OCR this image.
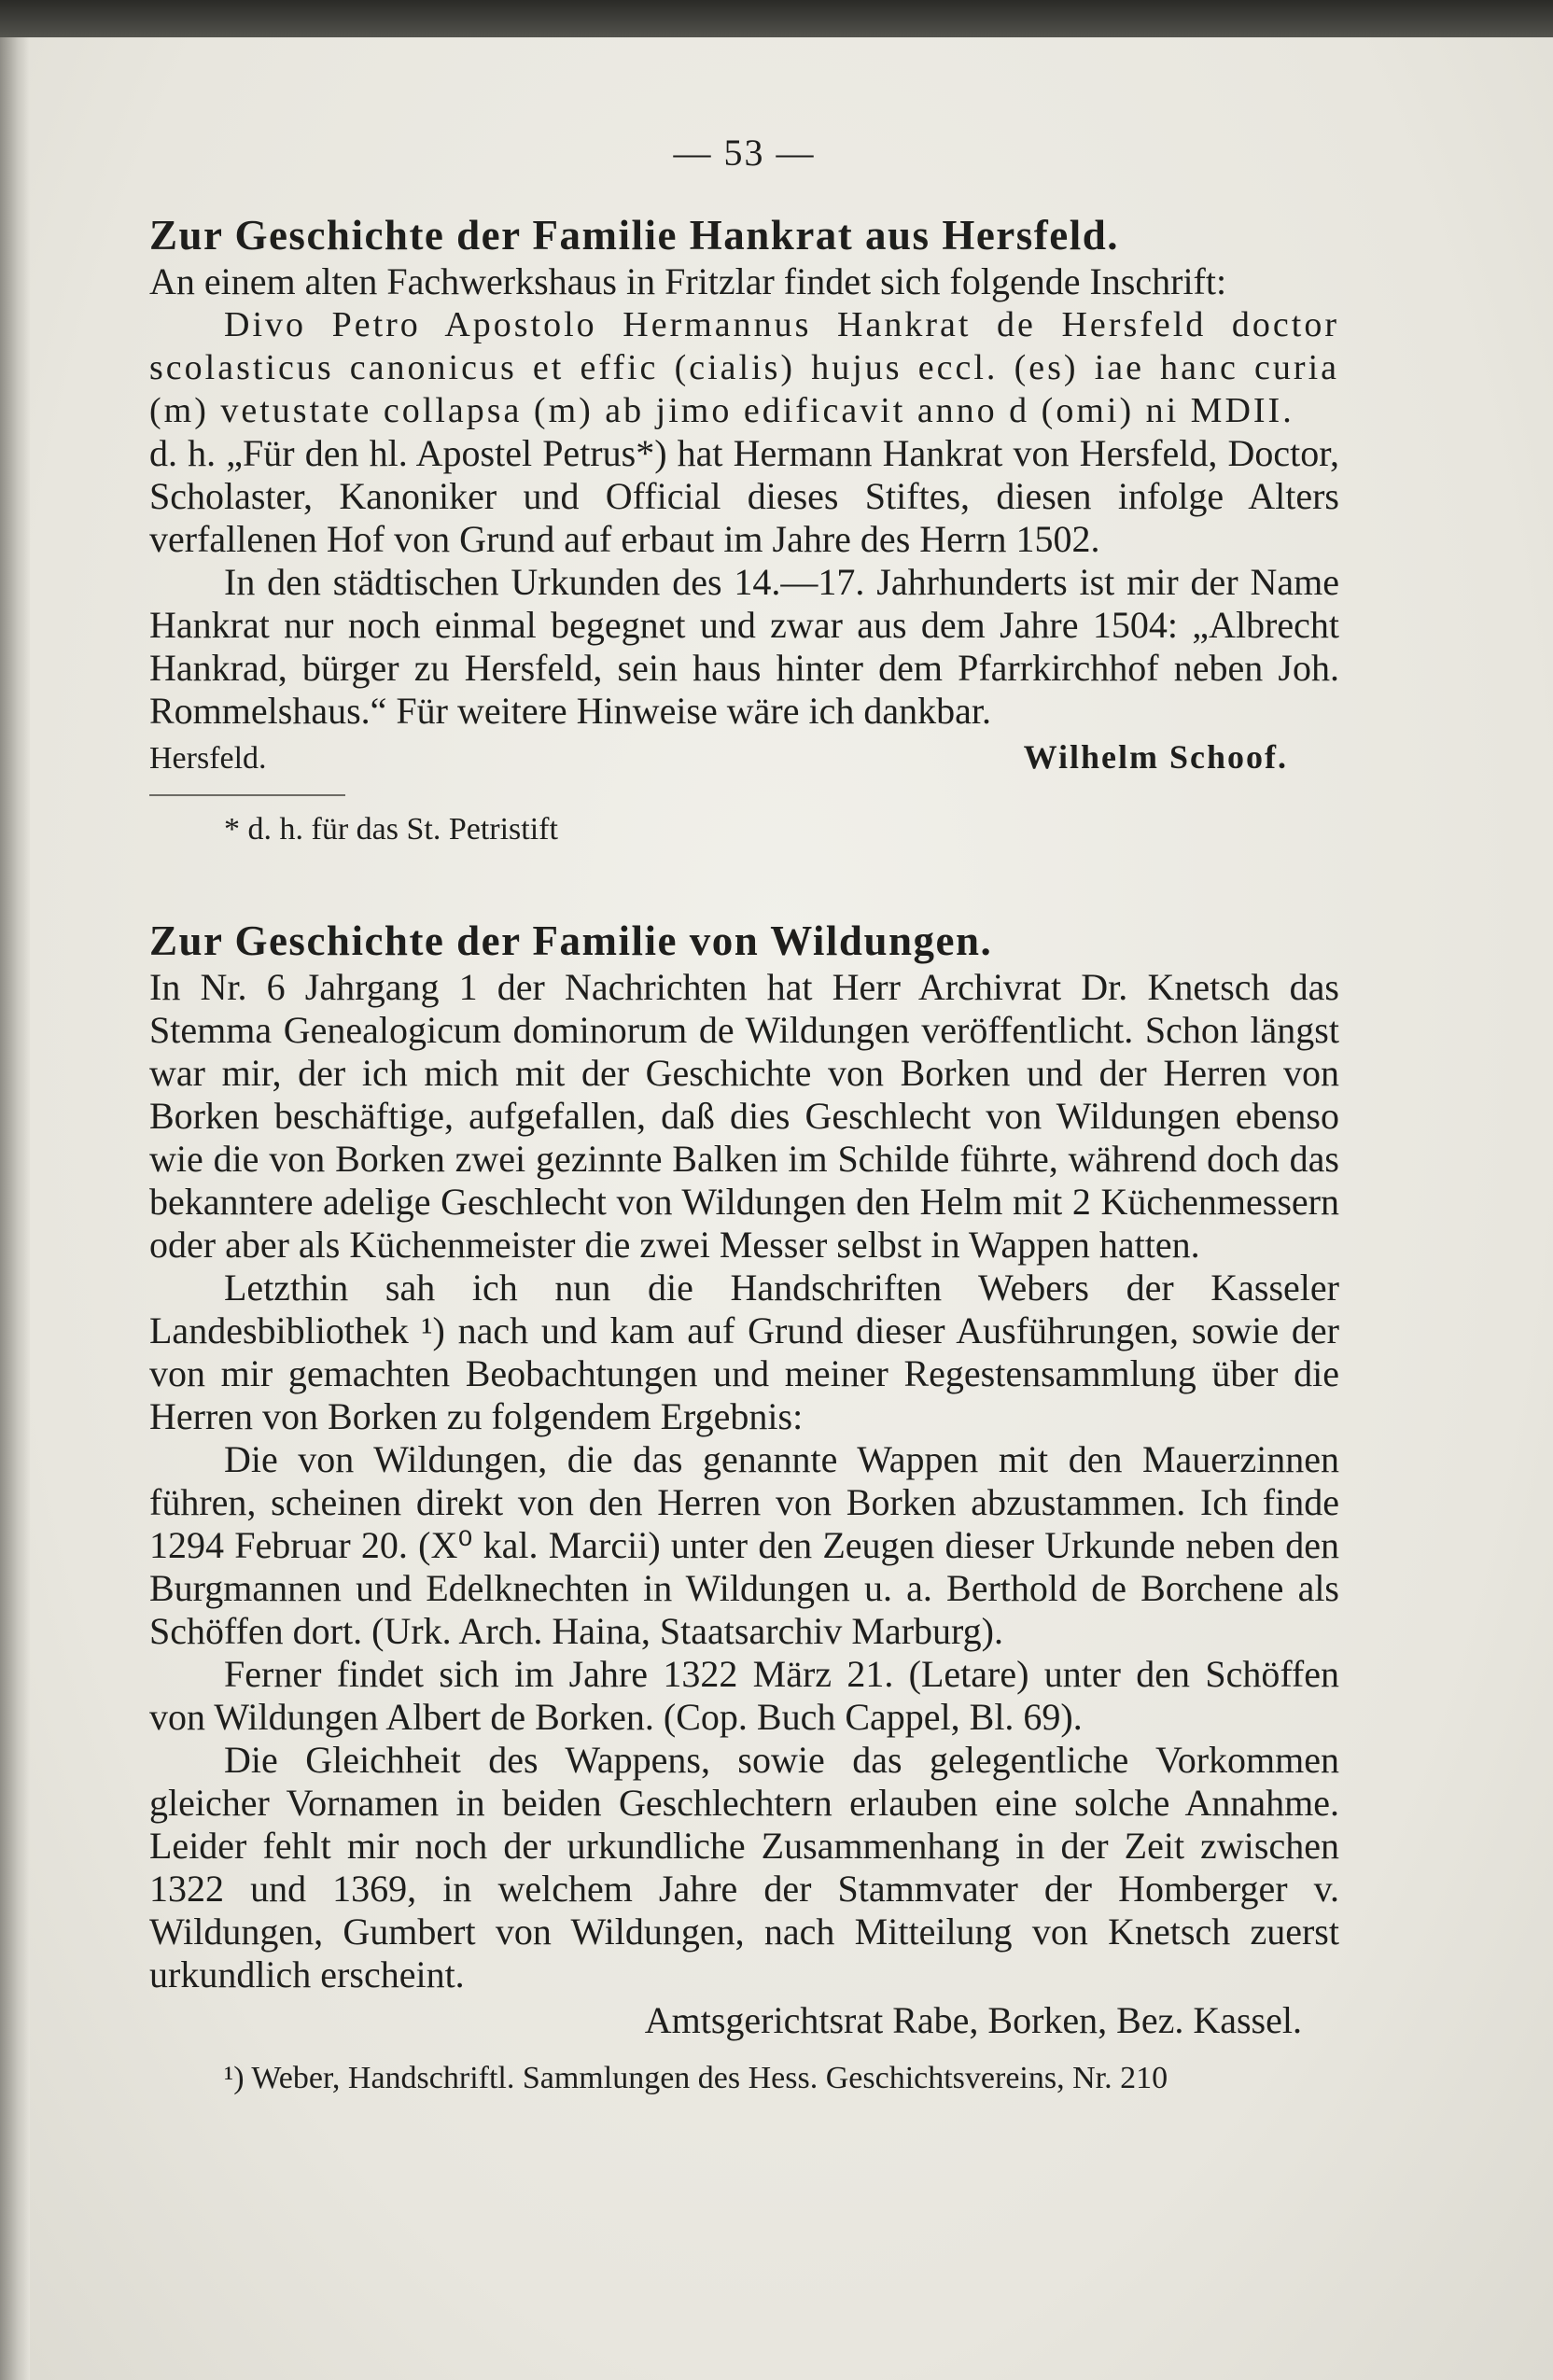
— 53 —
Zur Geschichte der Familie Hankrat aus Hersfeld.

An einem alten Fachwerkshaus in Fritzlar findet sich folgende Inschrift:

Divo Petro Apostolo Hermannus Hankrat de Hersfeld doctor scolasticus canonicus et effic (cialis) hujus eccl. (es) iae hanc curia (m) vetustate collapsa (m) ab jimo edificavit anno d (omi) ni MDII.

d. h. „Für den hl. Apostel Petrus*) hat Hermann Hankrat von Hersfeld, Doctor, Scholaster, Kanoniker und Official dieses Stiftes, diesen infolge Alters verfallenen Hof von Grund auf erbaut im Jahre des Herrn 1502.

In den städtischen Urkunden des 14.—17. Jahrhunderts ist mir der Name Hankrat nur noch einmal begegnet und zwar aus dem Jahre 1504: „Albrecht Hankrad, bürger zu Hersfeld, sein haus hinter dem Pfarrkirchhof neben Joh. Rommelshaus.“ Für weitere Hinweise wäre ich dankbar.

Hersfeld.	Wilhelm Schoof.
* d. h. für das St. Petristift
Zur Geschichte der Familie von Wildungen.

In Nr. 6 Jahrgang 1 der Nachrichten hat Herr Archivrat Dr. Knetsch das Stemma Genealogicum dominorum de Wildungen veröffentlicht. Schon längst war mir, der ich mich mit der Geschichte von Borken und der Herren von Borken beschäftige, aufgefallen, daß dies Geschlecht von Wildungen ebenso wie die von Borken zwei gezinnte Balken im Schilde führte, während doch das bekanntere adelige Geschlecht von Wildungen den Helm mit 2 Küchenmessern oder aber als Küchenmeister die zwei Messer selbst in Wappen hatten.

Letzthin sah ich nun die Handschriften Webers der Kasseler Landesbibliothek ¹) nach und kam auf Grund dieser Ausführungen, sowie der von mir gemachten Beobachtungen und meiner Regestensammlung über die Herren von Borken zu folgendem Ergebnis:

Die von Wildungen, die das genannte Wappen mit den Mauerzinnen führen, scheinen direkt von den Herren von Borken abzustammen. Ich finde 1294 Februar 20. (X⁰ kal. Marcii) unter den Zeugen dieser Urkunde neben den Burgmannen und Edelknechten in Wildungen u. a. Berthold de Borchene als Schöffen dort. (Urk. Arch. Haina, Staatsarchiv Marburg).

Ferner findet sich im Jahre 1322 März 21. (Letare) unter den Schöffen von Wildungen Albert de Borken. (Cop. Buch Cappel, Bl. 69).

Die Gleichheit des Wappens, sowie das gelegentliche Vorkommen gleicher Vornamen in beiden Geschlechtern erlauben eine solche Annahme. Leider fehlt mir noch der urkundliche Zusammenhang in der Zeit zwischen 1322 und 1369, in welchem Jahre der Stammvater der Homberger v. Wildungen, Gumbert von Wildungen, nach Mitteilung von Knetsch zuerst urkundlich erscheint.

Amtsgerichtsrat Rabe, Borken, Bez. Kassel.
¹) Weber, Handschriftl. Sammlungen des Hess. Geschichtsvereins, Nr. 210
